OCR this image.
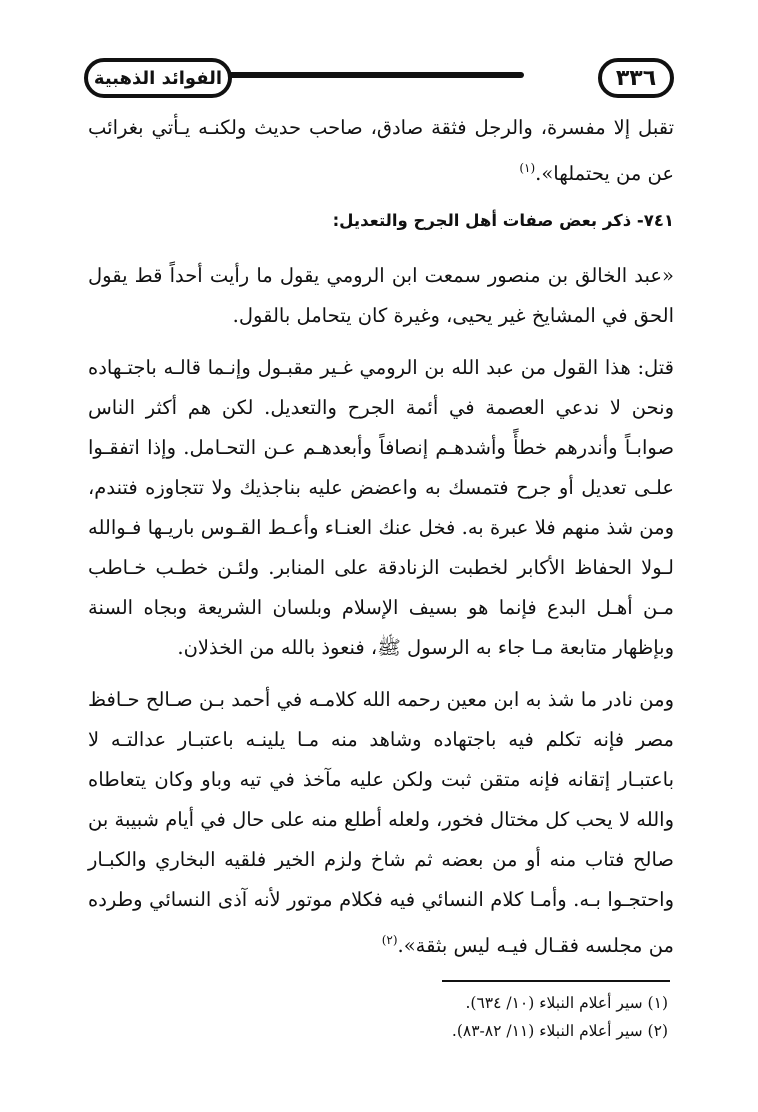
الفوائد الذهبية	٣٣٦

تقبل إلا مفسرة، والرجل فثقة صادق، صاحب حديث ولكنـه يـأتي بغرائب عن من يحتملها».$^{(١)}$

٧٤١- ذكر بعض صفات أهل الجرح والتعديل:

«عبد الخالق بن منصور سمعت ابن الرومي يقول ما رأيت أحداً قط يقول الحق في المشايخ غير يحيى، وغيرة كان يتحامل بالقول.

قتل: هذا القول من عبد الله بن الرومي غـير مقبـول وإنـما قالـه باجتـهاده ونحن لا ندعي العصمة في أئمة الجرح والتعديل. لكن هم أكثر الناس صوابـاً وأندرهم خطأً وأشدهـم إنصافاً وأبعدهـم عـن التحـامل. وإذا اتفقـوا علـى تعديل أو جرح فتمسك به واعضض عليه بناجذيك ولا تتجاوزه فتندم، ومن شذ منهم فلا عبرة به. فخل عنك العنـاء وأعـط القـوس باريـها فـوالله لـولا الحفاظ الأكابر لخطبت الزنادقة على المنابر. ولئـن خطـب خـاطب مـن أهـل البدع فإنما هو بسيف الإسلام وبلسان الشريعة وبجاه السنة وبإظهار متابعة مـا جاء به الرسول ﷺ، فنعوذ بالله من الخذلان.

ومن نادر ما شذ به ابن معين رحمه الله كلامـه في أحمد بـن صـالح حـافظ مصر فإنه تكلم فيه باجتهاده وشاهد منه مـا يلينـه باعتبـار عدالتـه لا باعتبـار إتقانه فإنه متقن ثبت ولكن عليه مآخذ في تيه وباو وكان يتعاطاه والله لا يحب كل مختال فخور، ولعله أطلع منه على حال في أيام شبيبة بن صالح فتاب منه أو من بعضه ثم شاخ ولزم الخير فلقيه البخاري والكبـار واحتجـوا بـه. وأمـا كلام النسائي فيه فكلام موتور لأنه آذى النسائي وطرده من مجلسه فقـال فيـه ليس بثقة».$^{(٢)}$

(١) سير أعلام النبلاء (١٠/ ٦٣٤).

(٢) سير أعلام النبلاء (١١/ ٨٢-٨٣).
